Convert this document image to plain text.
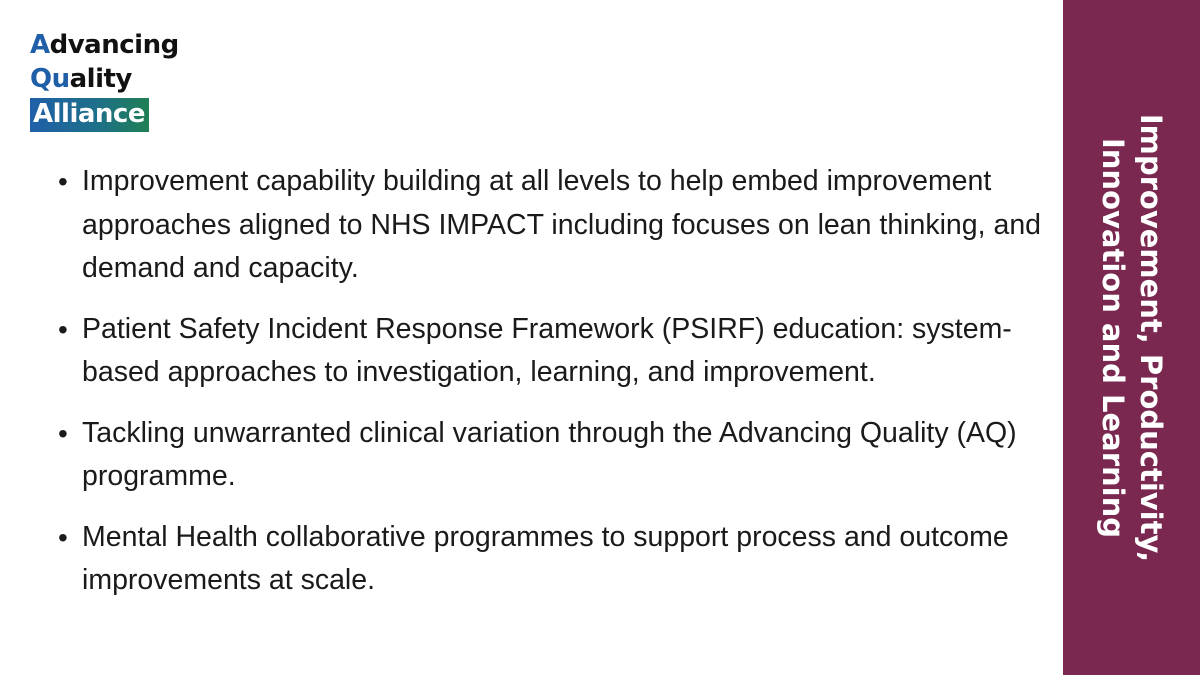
Advancing
Quality
Alliance
• Improvement capability building at all levels to help embed improvement approaches aligned to NHS IMPACT including focuses on lean thinking, and demand and capacity.
• Patient Safety Incident Response Framework (PSIRF) education: system-based approaches to investigation, learning, and improvement.
• Tackling unwarranted clinical variation through the Advancing Quality (AQ) programme.
• Mental Health collaborative programmes to support process and outcome improvements at scale.
Improvement, Productivity, Innovation and Learning
